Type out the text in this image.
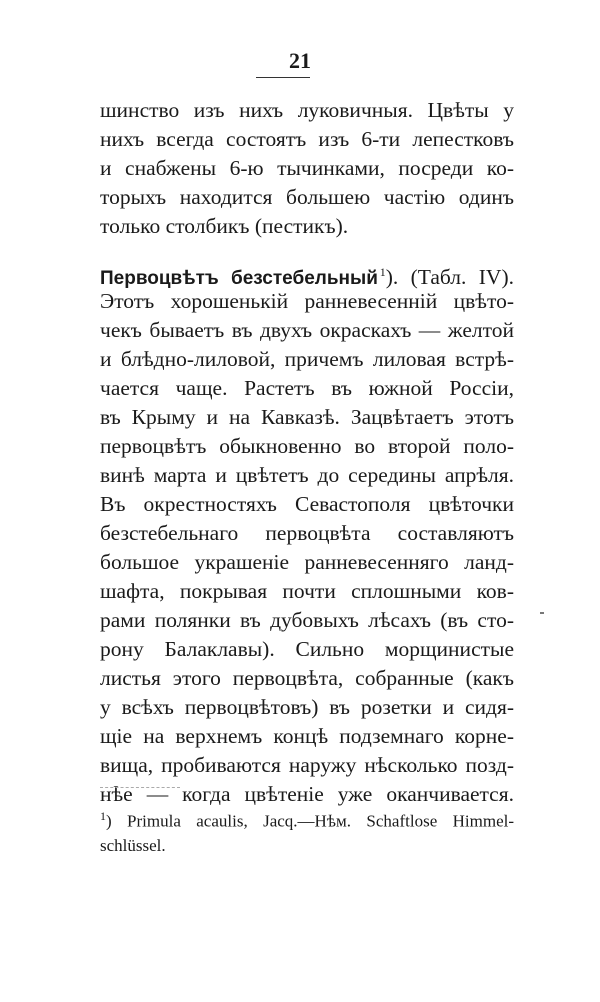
21
шинство изъ нихъ луковичныя. Цвѣты у
нихъ всегда состоятъ изъ 6-ти лепестковъ
и снабжены 6-ю тычинками, посреди ко-
торыхъ находится большею частiю одинъ
только столбикъ (пестикъ).
Первоцвѣтъ безстебельный  $^1$). (Табл. IV).
Этотъ хорошенькiй ранневесеннiй цвѣто-
чекъ бываетъ въ двухъ окраскахъ — желтой
и блѣдно-лиловой, причемъ лиловая встрѣ-
чается чаще. Растетъ въ южной Россiи,
въ Крыму и на Кавказѣ. Зацвѣтаетъ этотъ
первоцвѣтъ обыкновенно во второй поло-
винѣ марта и цвѣтетъ до середины апрѣля.
Въ окрестностяхъ Севастополя цвѣточки
безстебельнаго первоцвѣта составляютъ
большое украшенiе ранневесенняго ланд-
шафта, покрывая почти сплошными ков-
рами полянки въ дубовыхъ лѣсахъ (въ сто-
рону Балаклавы). Сильно морщинистые
листья этого первоцвѣта, собранные (какъ
у всѣхъ первоцвѣтовъ) въ розетки и сидя-
щiе на верхнемъ концѣ подземнаго корне-
вища, пробиваются наружу нѣсколько позд-
нѣе — когда цвѣтенiе уже оканчивается.
$^1$) Primula acaulis, Jacq.—Нѣм. Schaftlose Himmel-
schlüssel.
